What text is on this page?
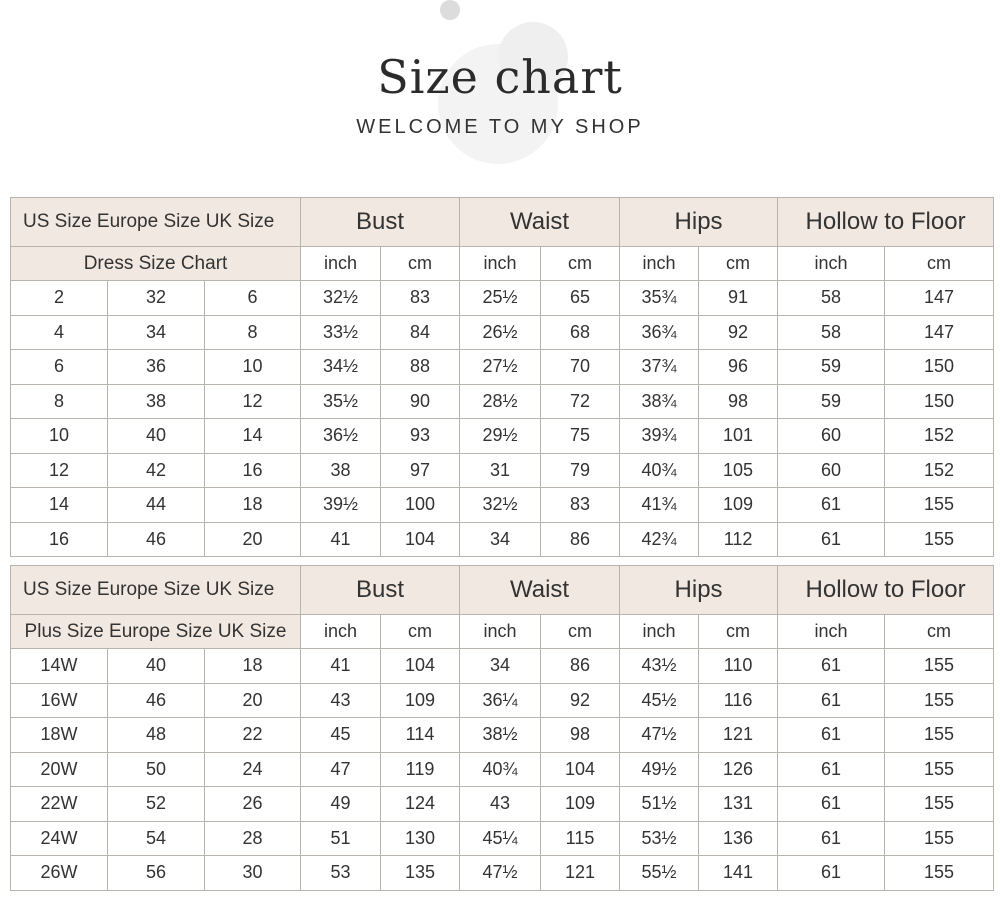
Size chart
WELCOME TO MY SHOP
US Size Europe Size UK Size			Bust		Waist		Hips		Hollow to Floor	
Dress Size Chart			inch	cm	inch	cm	inch	cm	inch	cm
2	32	6	32½	83	25½	65	35¾	91	58	147
4	34	8	33½	84	26½	68	36¾	92	58	147
6	36	10	34½	88	27½	70	37¾	96	59	150
8	38	12	35½	90	28½	72	38¾	98	59	150
10	40	14	36½	93	29½	75	39¾	101	60	152
12	42	16	38	97	31	79	40¾	105	60	152
14	44	18	39½	100	32½	83	41¾	109	61	155
16	46	20	41	104	34	86	42¾	112	61	155
US Size Europe Size UK Size			Bust		Waist		Hips		Hollow to Floor	
Plus Size Europe Size UK Size			inch	cm	inch	cm	inch	cm	inch	cm
14W	40	18	41	104	34	86	43½	110	61	155
16W	46	20	43	109	36¼	92	45½	116	61	155
18W	48	22	45	114	38½	98	47½	121	61	155
20W	50	24	47	119	40¾	104	49½	126	61	155
22W	52	26	49	124	43	109	51½	131	61	155
24W	54	28	51	130	45¼	115	53½	136	61	155
26W	56	30	53	135	47½	121	55½	141	61	155
